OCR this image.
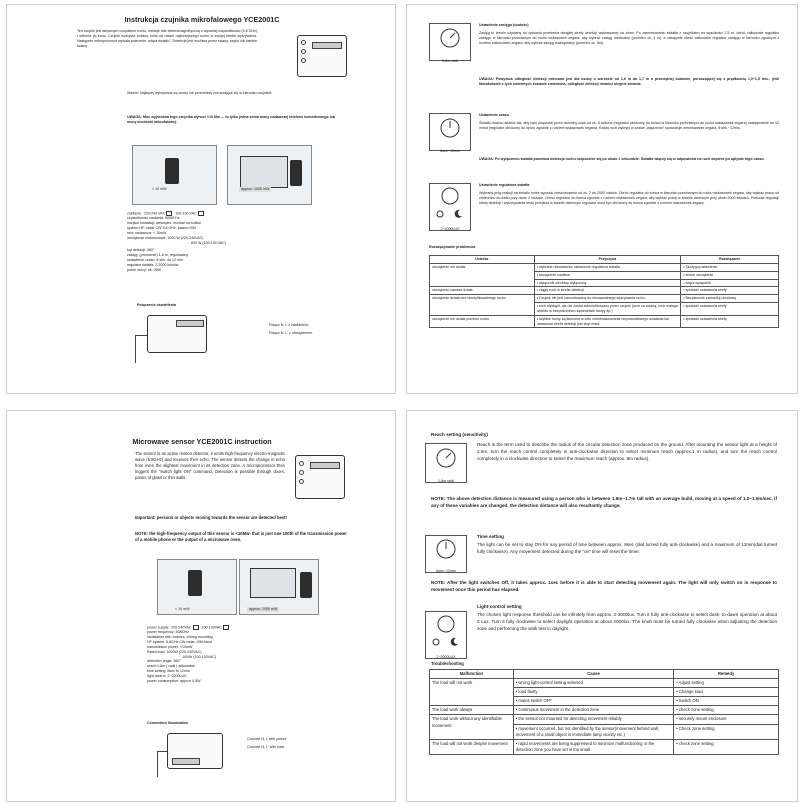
Instrukcja czujnika mikrofalowego YCE2001C
Ten czujnik jest aktywnym czujnikiem ruchu, emituje fale elektromagnetyczną o wysokiej częstotliwości (5,8 GHz) i odbiera jej echo. Czujnik wykrywa zmianę echa od nawet najmniejszego ruchu w swojej strefie wykrywania. Następnie mikroprocesor wywała polecenie „włącz światło”. Detekcja jest możliwa przez ściany, szyby lub cienkie ściany.
Ważne: Najlepiej wykrywane są osoby lub przedmioty poruszające się w kierunku czujnika!
UWAGA: Moc wyjściowa tego czujnika wynosi <10 Mw — to tylko jedna setna mocy nadawczej telefonu komórkowego lub mocy kuchenki mikrofalowej.
< 10 mW	approx. 1000 mW
zasilanie: 220-240 VAC	100-130 VAC
częstotliwość zasilania: 50/60 Hz
miejsce instalacji: wewnątrz, montaż na suficie
system HF: radar CW 5,8 GHz, pasmo ISM
moc nadawcza: < 10mW
obciążenie znamionowe: 1000 W (220-240VAC)
600 W (100-130 VAC)
kąt detekcji: 360°
zasięg: (promienie) 1-8 m, regulowany
ustawienie czasu: 8 sek. do 12 min.
regulator światła: 2-2000 luksów
pobór mocy: ok. 05W
Połączenie oświetlenia
Połącz N, L z zasilaniem;
Połącz N, L' z obciążeniem.
1-8m radii
Ustawienie zasięgu (czułość)
Zasięg to termin używany do opisania promienia okrągłej strefy detekcji wytwarzanej na ziemi. Po zamontowaniu światła z czujnikiem na wysokości 2,5 m, obróć całkowicie regulator zasięgu w kierunku przeciwnym do ruchu wskazówek zegara, aby wybrać zasięg minimalny (promień ok. 1 m), a następnie obróć całkowicie regulator zasięgu w kierunku zgodnym z ruchem wskazówek zegara, aby wybrać zasięg maksymalny (promień ok. 8m).
UWAGA: Powyższa odległość detekcji mierzona jest dla osoby o wzroście od 1,6 m do 1,7 m o przeciętnej budowie, poruszającej się z prędkością 1,0~1,5 m/s.; jeśli którakolwiek z tych zmiennych zostanie zmieniona, odległość detekcji również ulegnie zmianie.
8sec~12min
Ustawienie czasu
Światło można ustawić tak, aby było włączone przez dowolny czas od ok. 8 sekund (regulator obrócony do końca w kierunku przeciwnym do ruchu wskazówek zegara) maksymalnie do 12 minut (regulator obrócony do oporu zgodnie z ruchem wskazówek zegara). Każdy ruch wykryty w czasie „włączenia” spowoduje zresetowanie zegara. 8 sek.~12min.
UWAGA: Po wyłączeniu światła ponowna detekcja ruchu rozpocznie się po około 1 sekundzie. Światło włączy się w odpowiedzi na ruch dopiero po upływie tego czasu.
2~2000LUX
Ustawienie regulatora światła
Wybrany próg reakcji na światło może wynosić nieskończenie od ok. 2 do 2000 luksów. Obróć regulator do końca w kierunku przeciwnym do ruchu wskazówek zegara, aby wybrać pracę od zmierzchu do świtu przy około 2 luksach. Obróć regulator do końca zgodnie z ruchem wskazówek zegara, aby wybrać pracę w świetle dziennym przy około 2000 luksach. Podczas regulacji strefy detekcji i wykonywania testu przejścia w świetle dziennym regulator musi być obrócony do końca zgodnie z ruchem wskazówek zegara.
Rozwiązywanie problemów
Usterka	Przyczyna	Rozwiązanie
obciążenie nie działa	• wybrane niewłaściwe ustawienie regulatora światła	• Skoryguj ustawienie
	• obciążenie wadliwe	• zmień obciążenie
	• wyłącznik sieciowy wyłączony	• włącz wyłącznik
obciążenie zawsze działa	• ciągły ruch w strefie detekcji	• sprawdź ustawienia strefy
obciążenie działa bez identyfikowalnego ruchu	• Czujnik nie jest zamontowany do niezawodnego wykrywania ruchu.	• Bezpiecznie zamontuj obudowę
	• ruch wystąpił, ale nie został zidentyfikowany przez czujnik (ruch za ścianą, ruch małego obiektu w bezpośrednim sąsiedztwie lampy itp.)	• sprawdź ustawienia strefy
obciążenie nie działa pomimo ruchu	• szybkie ruchy są tłumione w celu zminimalizowania nieprawidłowego działania lub ustawiona strefa detekcji jest zbyt mała.	• sprawdź ustawienia strefy
Microwave sensor YCE2001C instruction
The sensor is an active motion detector, it emits high-frequency electro-magnetic wave (5.8GHz) and receives their echo. The sensor detects the change in echo from even the slightest movement in its detection zone. A microprocessor then triggers the “switch light ON” command. Detection is possible through doors, panes of glass or thin walls.
Important: persons or objects moving towards the sensor are detected best!
NOTE: the high-frequency output of this sensor is <10Mw- that is just one 100th of the transmission power of a mobile phone or the output of a microwave oven.
< 10 mW	approx. 1000 mW
power supply: 220-240VAC	100-130VAC
power frequency: 50/60Hz
installation site: Indoors, ceiling mounting
HF system: 5.8GHz CW radar, ISM band
transmission power: <10mW
Rated load: 1000W (220-240VAC)
600W (100-130VAC)
detection angle: 360°
reach:1-8m ( radii ) adjustable
time setting: 8sec to 12min
light control: 2~2000LUX
power consumption: approx 0.5W
Connection illumination
Connect N, L with power;
Connect N, L' with load.
Reach setting (sensitivity)
1-8m radii
Reach is the term used to describe the radius of the circular detection zone produced on the ground. After mounting the sensor light at a height of 2.5m, turn the reach control completely in anti-clockwise direction to select minimum reach (approx.1 m radius), and turn the reach control completely in a clockwise direction to select the maximum reach (approx. 8m radius).
NOTE: The above detection distance is measured using a person who is between 1.6m~1.7m tall with an average build, moving at a speed of 1.0~1.5m/sec, if any of these variables are changed, the detection distance will also resultantly change.
Time setting
8sec~12min
The light can be set to stay ON for any period of time between approx. 8sec (dial turned fully anti-clockwise) and a maximum of 12min(dial turned fully clockwise). Any movement detected during the “on” time will reset the timer.
NOTE: After the light switches Off, it takes approx. 1sec before it is able to start detecting movement again. The light will only switch on in response to movement once this period has elapsed.
Light-control setting
2~2000LUX
The chosen light response threshold can be infinitely from approx. 2-2000lux. Turn it fully anti-clockwise to select dusk- to-dawn operation at about 2 Lux. Turn it fully clockwise to select daylight operation at about 2000lux. The knob must be turned fully clockwise when adjusting the detection zone and performing the walk test in daylight.
Troubleshooting
Malfunction	Cause	Remedy
The load will not work	• wrong light-control setting selected	• Adjust setting
	• load faulty	• Change load
	• mains switch OFF	• Switch ON
The load work always	• continuous movement in the detection zone	• check zone setting
The load work without any identifiable movement	• the sensor not mounted for detecting movement reliably	• securely mount enclosure
	• movement occurred, but not identified by the sensor(movement behind wall, movement of a small object in immediate lamp vicinity etc.)	• Check zone setting
The load will not work despite movement	• rapid movements are being suppressed to minimize malfunctioning or the detection zone you have set is too small	• check zone setting
